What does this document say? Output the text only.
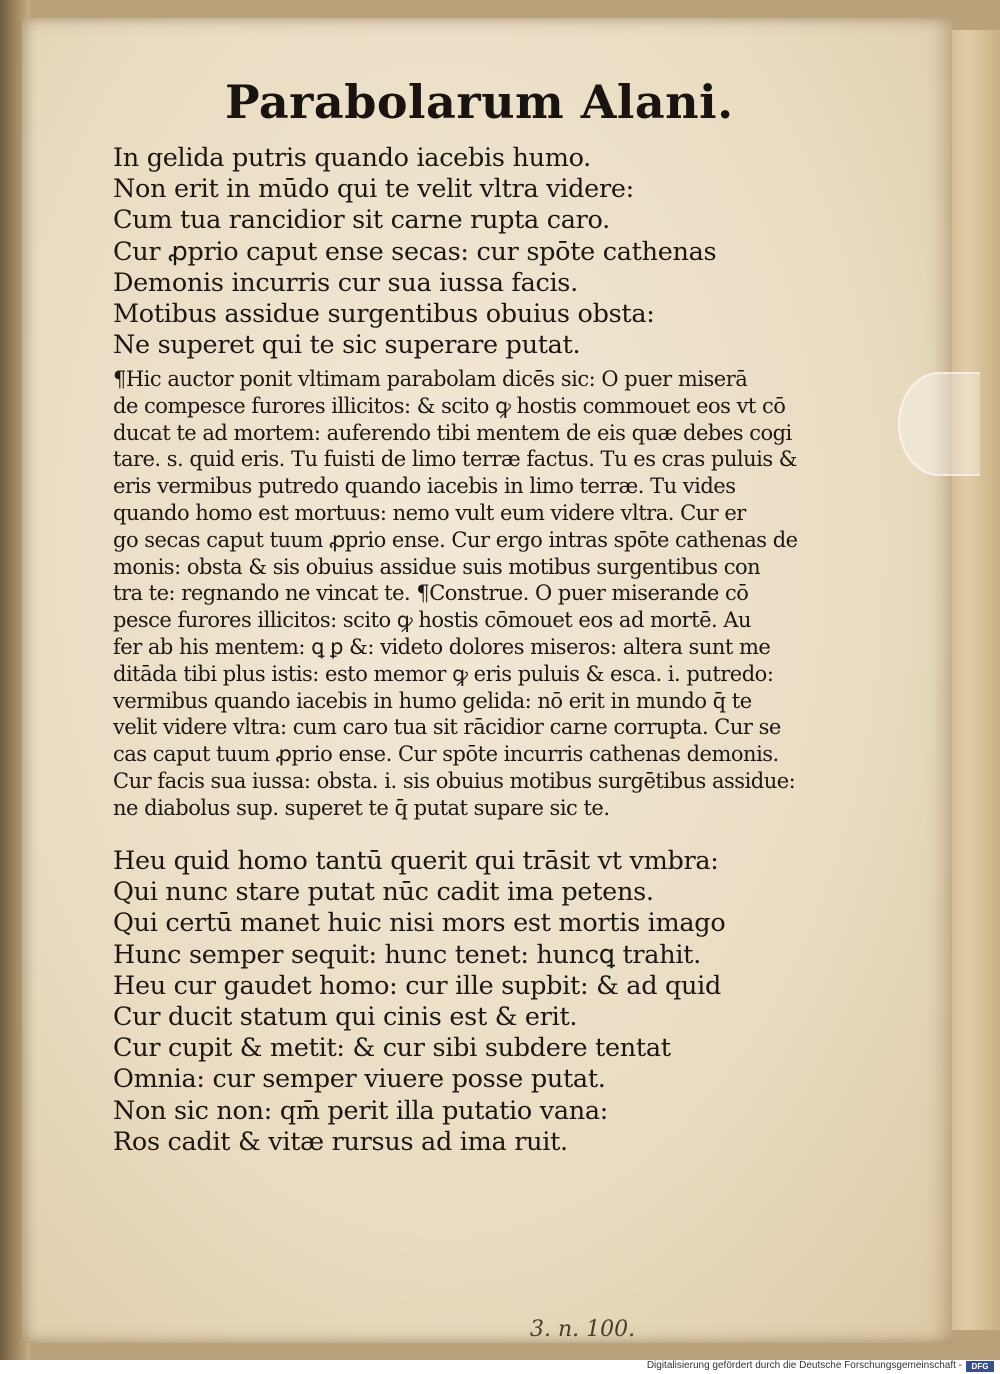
Parabolarum Alani.
In gelida putris quando iacebis humo.
Non erit in mūdo qui te velit vltra videre:
Cum tua rancidior sit carne rupta caro.
Cur ꝓprio caput ense secas: cur spōte cathenas
Demonis incurris cur sua iussa facis.
Motibus assidue surgentibus obuius obsta:
Ne superet qui te sic superare putat.
¶Hic auctor ponit vltimam parabolam dicēs sic: O puer miserā
de compesce furores illicitos: & scito ꝙ hostis commouet eos vt cō
ducat te ad mortem: auferendo tibi mentem de eis quæ debes cogi
tare. s. quid eris. Tu fuisti de limo terræ factus. Tu es cras puluis &
eris vermibus putredo quando iacebis in limo terræ. Tu vides
quando homo est mortuus: nemo vult eum videre vltra. Cur er
go secas caput tuum ꝓprio ense. Cur ergo intras spōte cathenas de
monis: obsta & sis obuius assidue suis motibus surgentibus con
tra te: regnando ne vincat te. ¶Construe. O puer miserande cō
pesce furores illicitos: scito ꝙ hostis cōmouet eos ad mortē. Au
fer ab his mentem: ꝗ ꝑ &: videto dolores miseros: altera sunt me
ditāda tibi plus istis: esto memor ꝙ eris puluis & esca. i. putredo:
vermibus quando iacebis in humo gelida: nō erit in mundo q̄ te
velit videre vltra: cum caro tua sit rācidior carne corrupta. Cur se
cas caput tuum ꝓprio ense. Cur spōte incurris cathenas demonis.
Cur facis sua iussa: obsta. i. sis obuius motibus surgētibus assidue:
ne diabolus sup. superet te q̄ putat supare sic te.
Heu quid homo tantū querit qui trāsit vt vmbra:
Qui nunc stare putat nūc cadit ima petens.
Qui certū manet huic nisi mors est mortis imago
Hunc semper sequit: hunc tenet: huncꝗ trahit.
Heu cur gaudet homo: cur ille supbit: & ad quid
Cur ducit statum qui cinis est & erit.
Cur cupit & metit: & cur sibi subdere tentat
Omnia: cur semper viuere posse putat.
Non sic non: qm̄ perit illa putatio vana:
Ros cadit & vitæ rursus ad ima ruit.
3. n. 100.
Digitalisierung gefördert durch die Deutsche Forschungsgemeinschaft -	DFG
